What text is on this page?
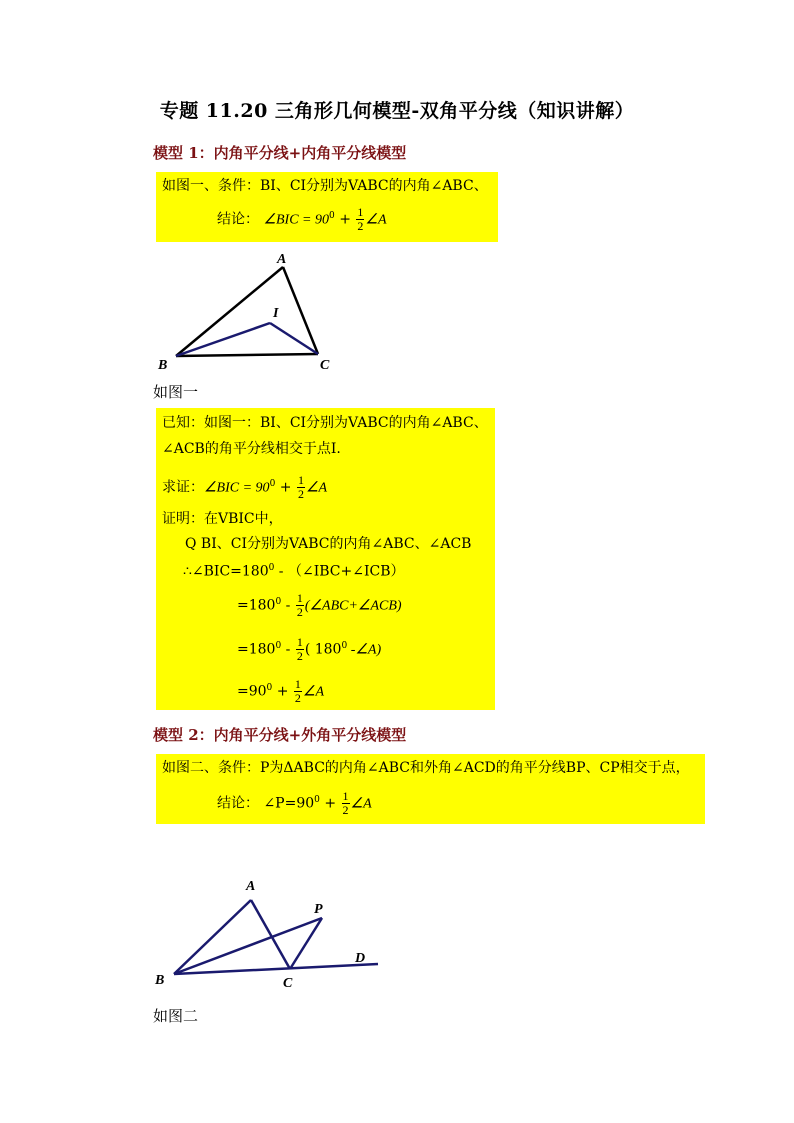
专题 11.20 三角形几何模型-双角平分线（知识讲解）
模型 1：内角平分线+内角平分线模型
如图一、条件：BI、CI分别为VABC的内角∠ABC、
结论： ∠BIC = $90^0 + \frac{1}{2}$ ∠A
A
I
B	C
如图一
已知：如图一：BI、CI分别为VABC的内角∠ABC、
∠ACB的角平分线相交于点I.
求证：∠BIC = $90^0 + \frac{1}{2}$ ∠A
证明：在VBIC中，
Q BI、CI分别为VABC的内角∠ABC、∠ACB
$\therefore\angle BIC=180^0$ - （∠IBC+∠ICB）
$=180^0 - \frac{1}{2}$ (∠ABC+∠ACB)
$=180^0 - \frac{1}{2}$ ( $180^0$ -∠A)
$=90^0 + \frac{1}{2}$ ∠A
模型 2：内角平分线+外角平分线模型
如图二、条件：P为ΔABC的内角∠ABC和外角∠ACD的角平分线BP、CP相交于点，
结论： $\angle P=90^0 + \frac{1}{2}$ ∠A
A
P
B	C
D
如图二
